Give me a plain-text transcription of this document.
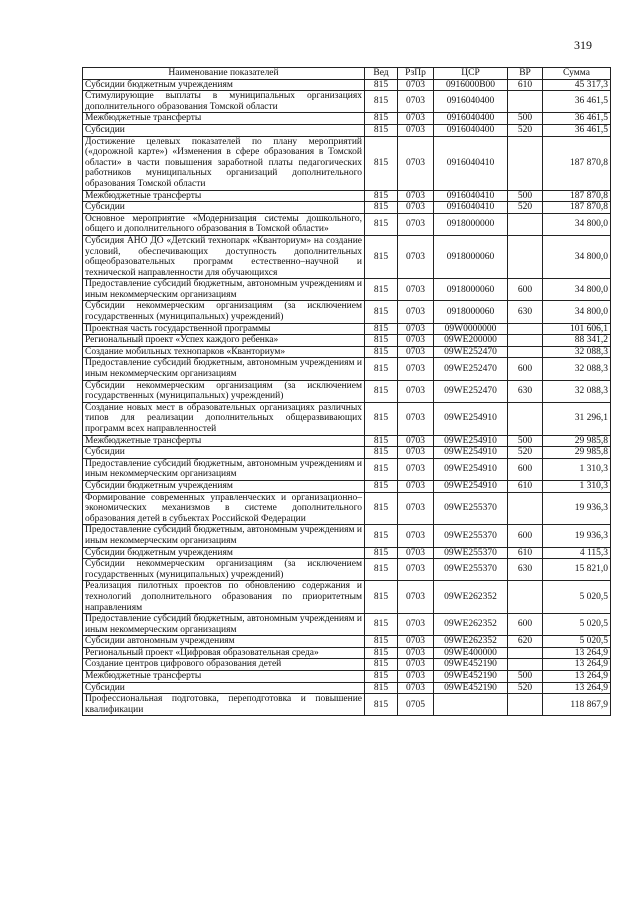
319
Наименование показателей	Вед	РзПр	ЦСР	ВР	Сумма
Субсидии бюджетным учреждениям	815	0703	0916000B00	610	45 317,3
Стимулирующие выплаты в муниципальных организациях дополнительного образования Томской области	815	0703	0916040400		36 461,5
Межбюджетные трансферты	815	0703	0916040400	500	36 461,5
Субсидии	815	0703	0916040400	520	36 461,5
Достижение целевых показателей по плану мероприятий («дорожной карте») «Изменения в сфере образования в Томской области» в части повышения заработной платы педагогических работников муниципальных организаций дополнительного образования Томской области	815	0703	0916040410		187 870,8
Межбюджетные трансферты	815	0703	0916040410	500	187 870,8
Субсидии	815	0703	0916040410	520	187 870,8
Основное мероприятие «Модернизация системы дошкольного, общего и дополнительного образования в Томской области»	815	0703	0918000000		34 800,0
Субсидия АНО ДО «Детский технопарк «Кванториум» на создание условий, обеспечивающих доступность дополнительных общеобразовательных программ естественно–научной и технической направленности для обучающихся	815	0703	0918000060		34 800,0
Предоставление субсидий бюджетным, автономным учреждениям и иным некоммерческим организациям	815	0703	0918000060	600	34 800,0
Субсидии некоммерческим организациям (за исключением государственных (муниципальных) учреждений)	815	0703	0918000060	630	34 800,0
Проектная часть государственной программы	815	0703	09W0000000		101 606,1
Региональный проект «Успех каждого ребенка»	815	0703	09WE200000		88 341,2
Создание мобильных технопарков «Кванториум»	815	0703	09WE252470		32 088,3
Предоставление субсидий бюджетным, автономным учреждениям и иным некоммерческим организациям	815	0703	09WE252470	600	32 088,3
Субсидии некоммерческим организациям (за исключением государственных (муниципальных) учреждений)	815	0703	09WE252470	630	32 088,3
Создание новых мест в образовательных организациях различных типов для реализации дополнительных общеразвивающих программ всех направленностей	815	0703	09WE254910		31 296,1
Межбюджетные трансферты	815	0703	09WE254910	500	29 985,8
Субсидии	815	0703	09WE254910	520	29 985,8
Предоставление субсидий бюджетным, автономным учреждениям и иным некоммерческим организациям	815	0703	09WE254910	600	1 310,3
Субсидии бюджетным учреждениям	815	0703	09WE254910	610	1 310,3
Формирование современных управленческих и организационно–экономических механизмов в системе дополнительного образования детей в субъектах Российской Федерации	815	0703	09WE255370		19 936,3
Предоставление субсидий бюджетным, автономным учреждениям и иным некоммерческим организациям	815	0703	09WE255370	600	19 936,3
Субсидии бюджетным учреждениям	815	0703	09WE255370	610	4 115,3
Субсидии некоммерческим организациям (за исключением государственных (муниципальных) учреждений)	815	0703	09WE255370	630	15 821,0
Реализация пилотных проектов по обновлению содержания и технологий дополнительного образования по приоритетным направлениям	815	0703	09WE262352		5 020,5
Предоставление субсидий бюджетным, автономным учреждениям и иным некоммерческим организациям	815	0703	09WE262352	600	5 020,5
Субсидии автономным учреждениям	815	0703	09WE262352	620	5 020,5
Региональный проект «Цифровая образовательная среда»	815	0703	09WE400000		13 264,9
Создание центров цифрового образования детей	815	0703	09WE452190		13 264,9
Межбюджетные трансферты	815	0703	09WE452190	500	13 264,9
Субсидии	815	0703	09WE452190	520	13 264,9
Профессиональная подготовка, переподготовка и повышение квалификации	815	0705			118 867,9
